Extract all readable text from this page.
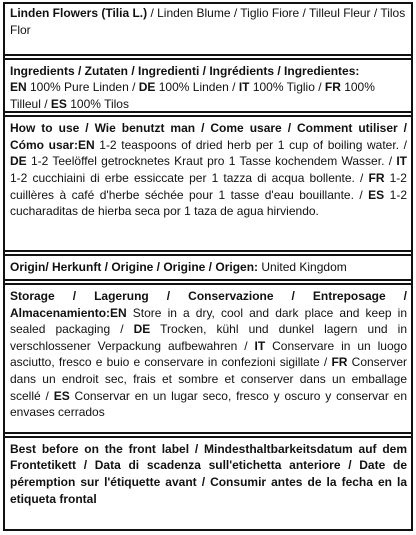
Linden Flowers (Tilia L.) / Linden Blume / Tiglio Fiore / Tilleul Fleur / Tilos Flor
Ingredients / Zutaten / Ingredienti / Ingrédients / Ingredientes:
EN 100% Pure Linden / DE 100% Linden / IT 100% Tiglio / FR 100% Tilleul / ES 100% Tilos
How to use / Wie benutzt man / Come usare / Comment utiliser / Cómo usar:EN 1-2 teaspoons of dried herb per 1 cup of boiling water. / DE 1-2 Teelöffel getrocknetes Kraut pro 1 Tasse kochendem Wasser. / IT 1-2 cucchiaini di erbe essiccate per 1 tazza di acqua bollente. / FR 1-2 cuillères à café d'herbe séchée pour 1 tasse d'eau bouillante. / ES 1-2 cucharaditas de hierba seca por 1 taza de agua hirviendo.
Origin/ Herkunft / Origine / Origine / Origen: United Kingdom
Storage / Lagerung / Conservazione / Entreposage / Almacenamiento:EN Store in a dry, cool and dark place and keep in sealed packaging / DE Trocken, kühl und dunkel lagern und in verschlossener Verpackung aufbewahren / IT Conservare in un luogo asciutto, fresco e buio e conservare in confezioni sigillate / FR Conserver dans un endroit sec, frais et sombre et conserver dans un emballage scellé / ES Conservar en un lugar seco, fresco y oscuro y conservar en envases cerrados
Best before on the front label / Mindesthaltbarkeitsdatum auf dem Frontetikett / Data di scadenza sull'etichetta anteriore / Date de péremption sur l'étiquette avant / Consumir antes de la fecha en la etiqueta frontal
